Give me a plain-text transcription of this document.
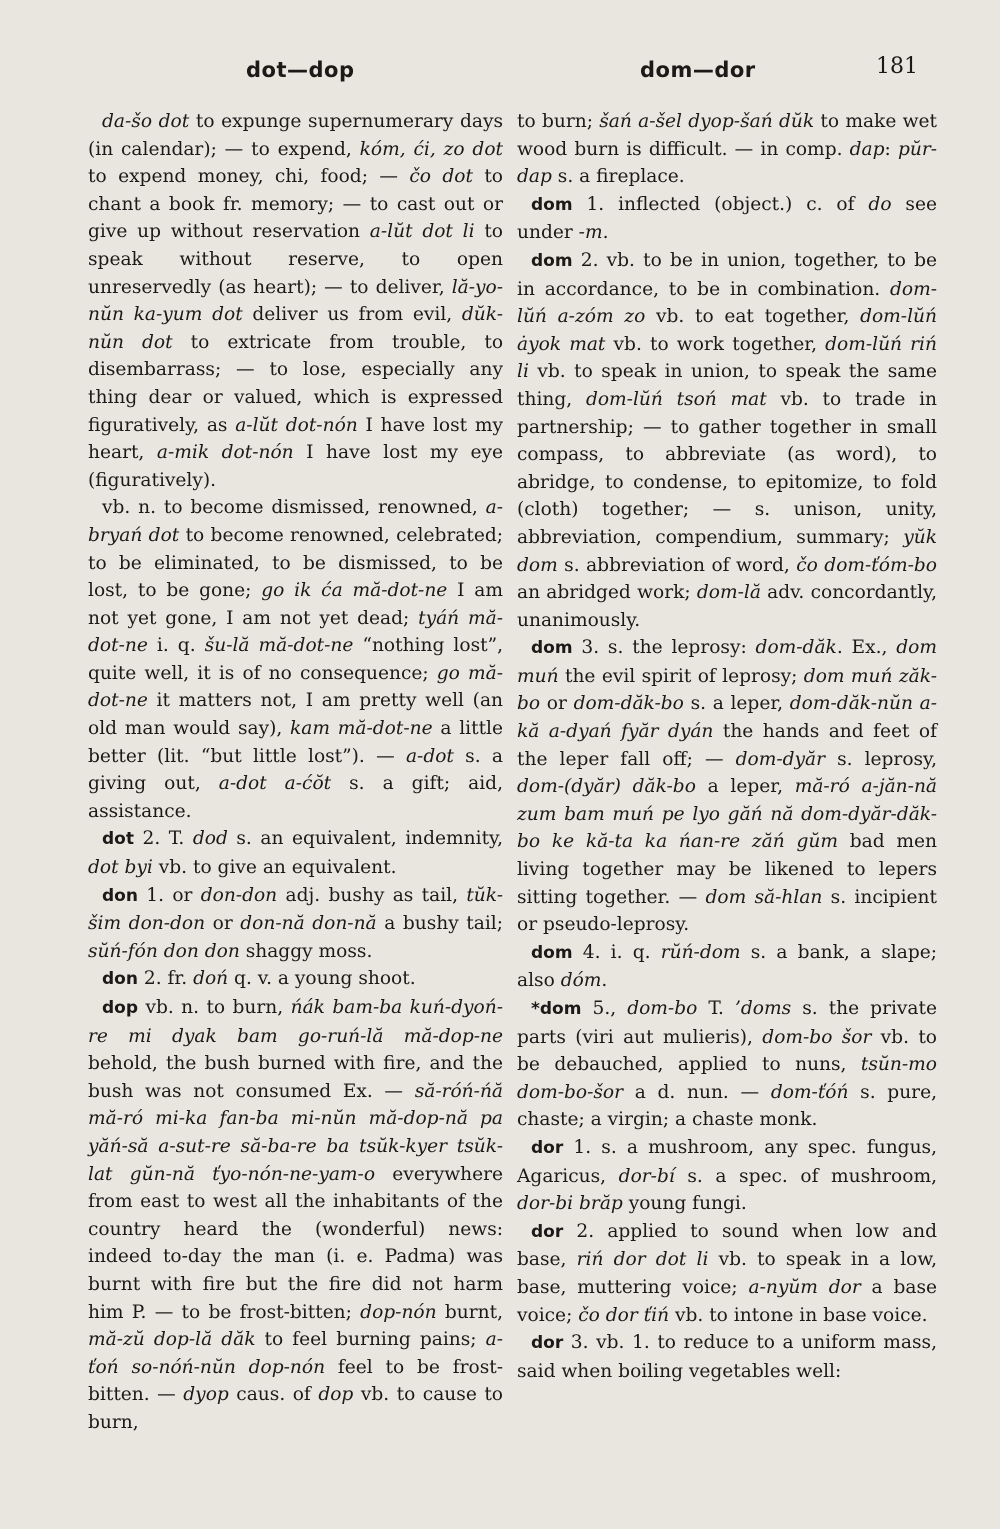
dot—dop	dom—dor	181

da-šo dot to expunge supernumerary days (in calendar); — to expend, kóm, ći, zo dot to expend money, chi, food; — čo dot to chant a book fr. memory; — to cast out or give up without reservation a-lŭt dot li to speak without reserve, to open unreservedly (as heart); — to deliver, lă-yo-nŭn ka-yum dot deliver us from evil, dŭk-nŭn dot to extricate from trouble, to disembarrass; — to lose, especially any thing dear or valued, which is expressed figuratively, as a-lŭt dot-nón I have lost my heart, a-mik dot-nón I have lost my eye (figuratively).

vb. n. to become dismissed, renowned, a-bryań dot to become renowned, celebrated; to be eliminated, to be dismissed, to be lost, to be gone; go ik ća mă-dot-ne I am not yet gone, I am not yet dead; tyáń mă-dot-ne i. q. šu-lă mă-dot-ne “nothing lost”, quite well, it is of no consequence; go mă-dot-ne it matters not, I am pretty well (an old man would say), kam mă-dot-ne a little better (lit. “but little lost”). — a-dot s. a giving out, a-dot a-ćŏt s. a gift; aid, assistance.

dot 2. T. dod s. an equivalent, indemnity, dot byi vb. to give an equivalent.

don 1. or don-don adj. bushy as tail, tŭk-šim don-don or don-nă don-nă a bushy tail; sŭń-fón don don shaggy moss.

don 2. fr. doń q. v. a young shoot.

dop vb. n. to burn, ńák bam-ba kuń-dyoń-re mi dyak bam go-ruń-lă mă-dop-ne behold, the bush burned with fire, and the bush was not consumed Ex. — să-róń-ńă mă-ró mi-ka fan-ba mi-nŭn mă-dop-nă pa yăń-să a-sut-re să-ba-re ba tsŭk-kyer tsŭk-lat gŭn-nă ťyo-nón-ne-yam-o everywhere from east to west all the inhabitants of the country heard the (wonderful) news: indeed to-day the man (i. e. Padma) was burnt with fire but the fire did not harm him P. — to be frost-bitten; dop-nón burnt, mă-zŭ dop-lă dăk to feel burning pains; a-ťoń so-nóń-nŭn dop-nón feel to be frost-bitten. — dyop caus. of dop vb. to cause to burn,

to burn; šań a-šel dyop-šań dŭk to make wet wood burn is difficult. — in comp. dap: pŭr-dap s. a fireplace.

dom 1. inflected (object.) c. of do see under -m.

dom 2. vb. to be in union, together, to be in accordance, to be in combination. dom-lŭń a-zóm zo vb. to eat together, dom-lŭń ȧyok mat vb. to work together, dom-lŭń riń li vb. to speak in union, to speak the same thing, dom-lŭń tsoń mat vb. to trade in partnership; — to gather together in small compass, to abbreviate (as word), to abridge, to condense, to epitomize, to fold (cloth) together; — s. unison, unity, abbreviation, compendium, summary; yŭk dom s. abbreviation of word, čo dom-ťóm-bo an abridged work; dom-lă adv. concordantly, unanimously.

dom 3. s. the leprosy: dom-dăk. Ex., dom muń the evil spirit of leprosy; dom muń zăk-bo or dom-dăk-bo s. a leper, dom-dăk-nŭn a-kă a-dyań fyăr dyán the hands and feet of the leper fall off; — dom-dyăr s. leprosy, dom-(dyăr) dăk-bo a leper, mă-ró a-jăn-nă zum bam muń pe lyo găń nă dom-dyăr-dăk-bo ke kă-ta ka ńan-re zăń gŭm bad men living together may be likened to lepers sitting together. — dom să-hlan s. incipient or pseudo-leprosy.

dom 4. i. q. rŭń-dom s. a bank, a slape; also dóm.

*dom 5., dom-bo T. ’doms s. the private parts (viri aut mulieris), dom-bo šor vb. to be debauched, applied to nuns, tsŭn-mo dom-bo-šor a d. nun. — dom-ťóń s. pure, chaste; a virgin; a chaste monk.

dor 1. s. a mushroom, any spec. fungus, Agaricus, dor-bí s. a spec. of mushroom, dor-bi brăp young fungi.

dor 2. applied to sound when low and base, riń dor dot li vb. to speak in a low, base, muttering voice; a-nyŭm dor a base voice; čo dor ťiń vb. to intone in base voice.

dor 3. vb. 1. to reduce to a uniform mass, said when boiling vegetables well:
